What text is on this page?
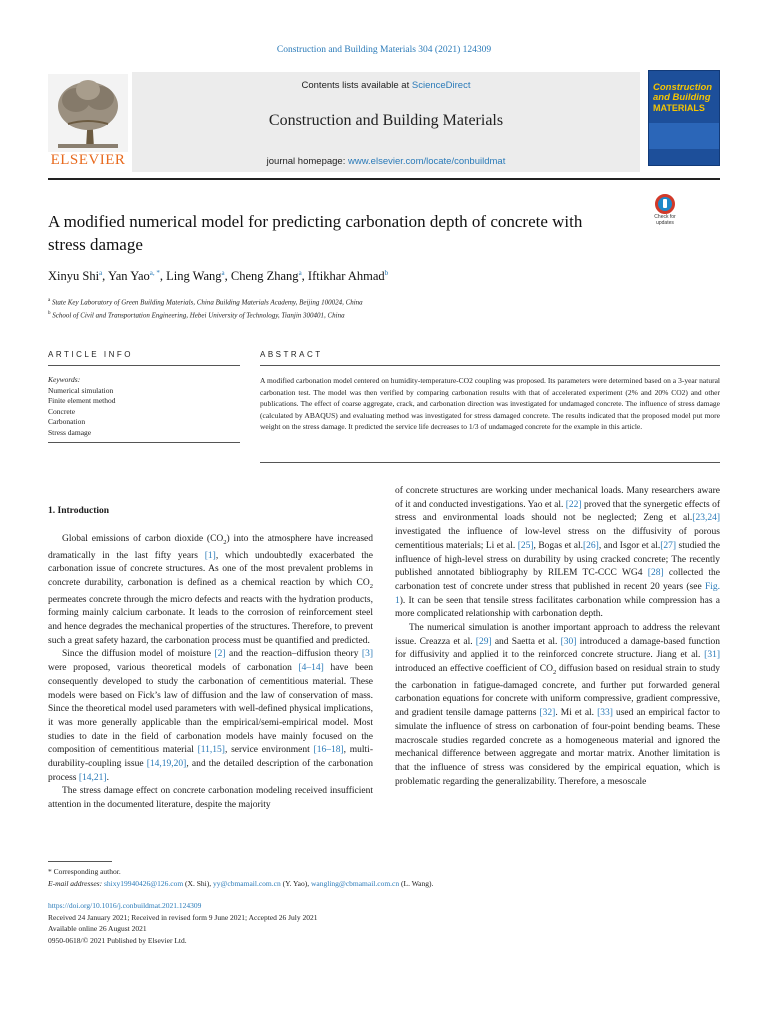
Construction and Building Materials 304 (2021) 124309
ELSEVIER
Contents lists available at ScienceDirect
Construction and Building Materials
journal homepage: www.elsevier.com/locate/conbuildmat
Construction
and Building
MATERIALS
A modified numerical model for predicting carbonation depth of concrete with stress damage
Check for updates
Xinyu Shi$^a$, Yan Yao$^{a, *}$, Ling Wang$^a$, Cheng Zhang$^a$, Iftikhar Ahmad$^b$
$^a$ State Key Laboratory of Green Building Materials, China Building Materials Academy, Beijing 100024, China
$^b$ School of Civil and Transportation Engineering, Hebei University of Technology, Tianjin 300401, China
ARTICLE INFO	ABSTRACT
Keywords:
Numerical simulation
Finite element method
Concrete
Carbonation
Stress damage
A modified carbonation model centered on humidity-temperature-CO2 coupling was proposed. Its parameters were determined based on a 3-year natural carbonation test. The model was then verified by comparing carbonation results with that of accelerated experiment (2% and 20% CO2) and other publications. The effect of coarse aggregate, crack, and carbonation direction was investigated for undamaged concrete. The influence of stress damage (calculated by ABAQUS) and evaluating method was investigated for stress damaged concrete. The results indicated that the proposed model put more weight on the stress damage. It predicted the service life decreases to 1/3 of undamaged concrete for the example in this article.
1. Introduction

Global emissions of carbon dioxide $(CO_2)$ into the atmosphere have increased dramatically in the last fifty years [1], which undoubtedly exacerbated the carbonation issue of concrete structures. As one of the most prevalent problems in concrete durability, carbonation is defined as a chemical reaction by which $CO_2$ permeates concrete through the micro defects and reacts with the hydration products, forming mainly calcium carbonate. It leads to the corrosion of reinforcement steel and hence degrades the mechanical properties of the structures. Therefore, to prevent such a great safety hazard, the carbonation process must be quantified and predicted.

Since the diffusion model of moisture [2] and the reaction–diffusion theory [3] were proposed, various theoretical models of carbonation [4–14] have been consequently developed to study the carbonation of cementitious material. These models were based on Fick’s law of diffusion and the law of conservation of mass. Since the theoretical model used parameters with well-defined physical implications, it was more generally applicable than the empirical/semi-empirical model. Most studies to date in the field of carbonation models have mainly focused on the composition of cementitious material [11,15], service environment [16–18], multi-durability-coupling issue [14,19,20], and the detailed description of the carbonation process [14,21].

The stress damage effect on concrete carbonation modeling received insufficient attention in the documented literature, despite the majority

of concrete structures are working under mechanical loads. Many researchers aware of it and conducted investigations. Yao et al. [22] proved that the synergetic effects of stress and environmental loads should not be neglected; Zeng et al.[23,24] investigated the influence of low-level stress on the diffusivity of porous cementitious materials; Li et al. [25], Bogas et al.[26], and Isgor et al.[27] studied the influence of high-level stress on durability by using cracked concrete; The recently published annotated bibliography by RILEM TC-CCC WG4 [28] collected the carbonation test of concrete under stress that published in recent 20 years (see Fig. 1). It can be seen that tensile stress facilitates carbonation while compression has a more complicated relationship with carbonation depth.

The numerical simulation is another important approach to address the relevant issue. Creazza et al. [29] and Saetta et al. [30] introduced a damage-based function for diffusivity and applied it to the reinforced concrete structure. Jiang et al. [31] introduced an effective coefficient of $CO_2$ diffusion based on residual strain to study the carbonation in fatigue-damaged concrete, and further put forwarded general carbonation equations for concrete with uniform compressive, gradient compressive, and gradient tensile damage patterns [32]. Mi et al. [33] used an empirical factor to simulate the influence of stress on carbonation of four-point bending beams. These macroscale studies regarded concrete as a homogeneous material and ignored the mechanical difference between aggregate and mortar matrix. Another limitation is that the influence of stress was considered by the empirical equation, which is problematic regarding the generalizability. Therefore, a mesoscale

* Corresponding author.
E-mail addresses: shixy19940426@126.com (X. Shi), yy@cbmamail.com.cn (Y. Yao), wangling@cbmamail.com.cn (L. Wang).
https://doi.org/10.1016/j.conbuildmat.2021.124309
Received 24 January 2021; Received in revised form 9 June 2021; Accepted 26 July 2021
Available online 26 August 2021
0950-0618/© 2021 Published by Elsevier Ltd.
